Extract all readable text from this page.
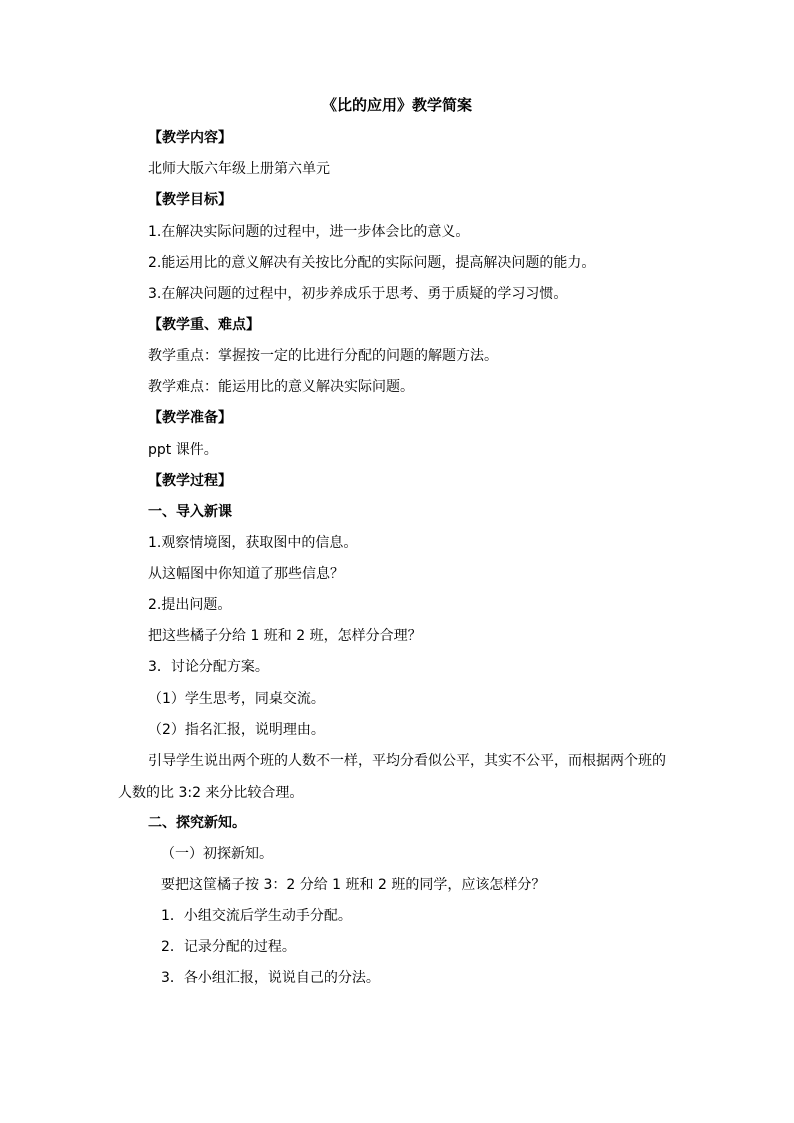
《比的应用》教学简案
【教学内容】
北师大版六年级上册第六单元
【教学目标】
1.在解决实际问题的过程中，进一步体会比的意义。
2.能运用比的意义解决有关按比分配的实际问题，提高解决问题的能力。
3.在解决问题的过程中，初步养成乐于思考、勇于质疑的学习习惯。
【教学重、难点】
教学重点：掌握按一定的比进行分配的问题的解题方法。
教学难点：能运用比的意义解决实际问题。
【教学准备】
ppt 课件。
【教学过程】
一、导入新课
1.观察情境图，获取图中的信息。
从这幅图中你知道了那些信息？
2.提出问题。
把这些橘子分给 1 班和 2 班，怎样分合理？
3．讨论分配方案。
（1）学生思考，同桌交流。
（2）指名汇报，说明理由。
引导学生说出两个班的人数不一样，平均分看似公平，其实不公平，而根据两个班的人数的比 3:2 来分比较合理。
二、探究新知。
（一）初探新知。
要把这筐橘子按 3：2 分给 1 班和 2 班的同学，应该怎样分？
1．小组交流后学生动手分配。
2．记录分配的过程。
3．各小组汇报，说说自己的分法。
